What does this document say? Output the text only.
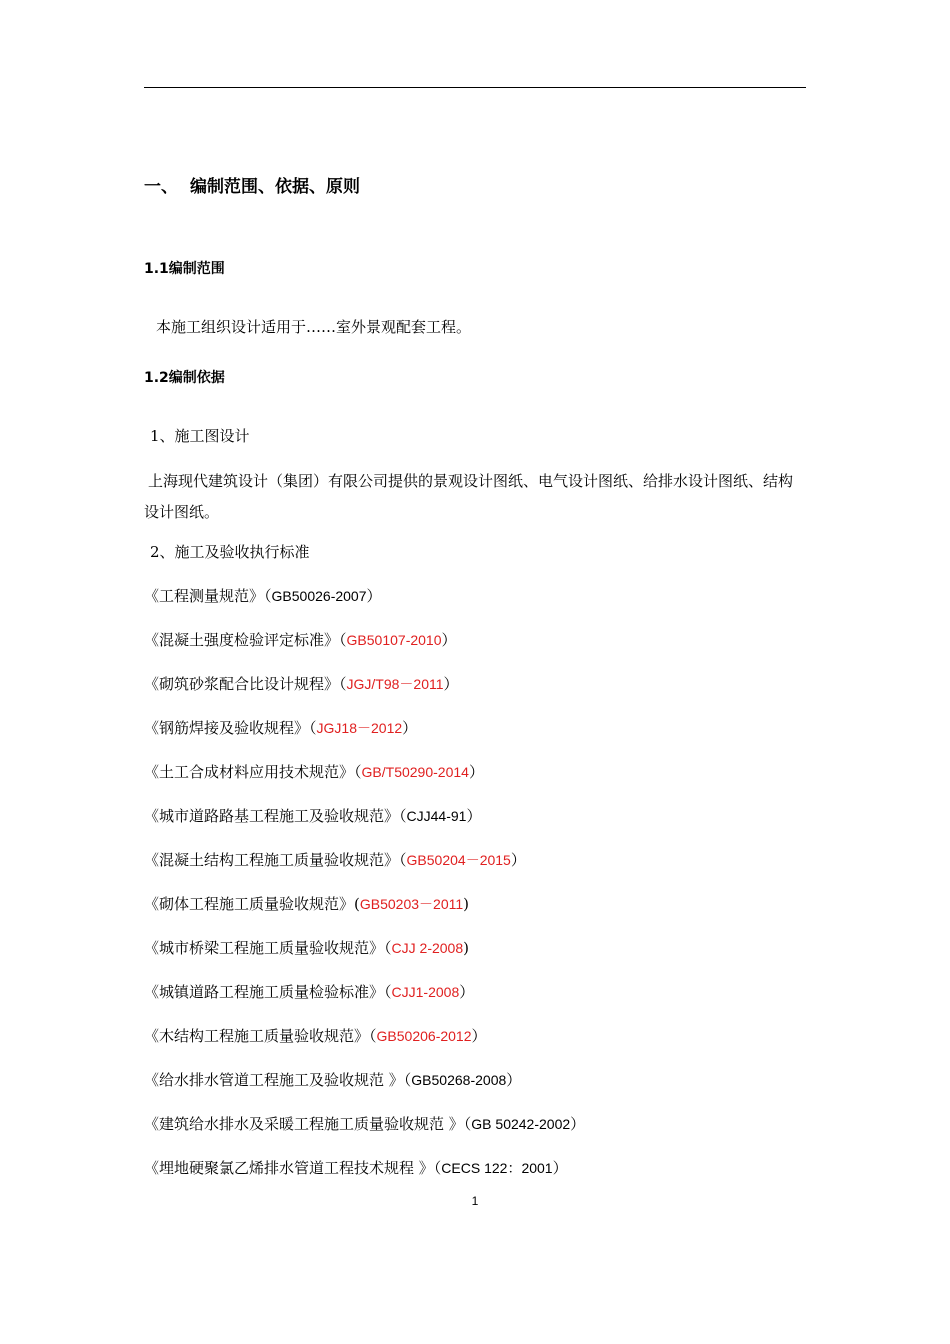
一、 编制范围、依据、原则
1.1编制范围
本施工组织设计适用于……室外景观配套工程。
1.2编制依据
1、施工图设计
上海现代建筑设计（集团）有限公司提供的景观设计图纸、电气设计图纸、给排水设计图纸、结构设计图纸。
2、施工及验收执行标准
《工程测量规范》（GB50026-2007）
《混凝土强度检验评定标准》（GB50107-2010）
《砌筑砂浆配合比设计规程》（JGJ/T98－2011）
《钢筋焊接及验收规程》（JGJ18－2012）
《土工合成材料应用技术规范》（GB/T50290-2014）
《城市道路路基工程施工及验收规范》（CJJ44-91）
《混凝土结构工程施工质量验收规范》（GB50204－2015）
《砌体工程施工质量验收规范》(GB50203－2011)
《城市桥梁工程施工质量验收规范》（CJJ 2-2008)
《城镇道路工程施工质量检验标准》（CJJ1-2008）
《木结构工程施工质量验收规范》（GB50206-2012）
《给水排水管道工程施工及验收规范 》（GB50268-2008）
《建筑给水排水及采暖工程施工质量验收规范 》（GB 50242-2002）
《埋地硬聚氯乙烯排水管道工程技术规程 》（CECS 122：2001）
1
